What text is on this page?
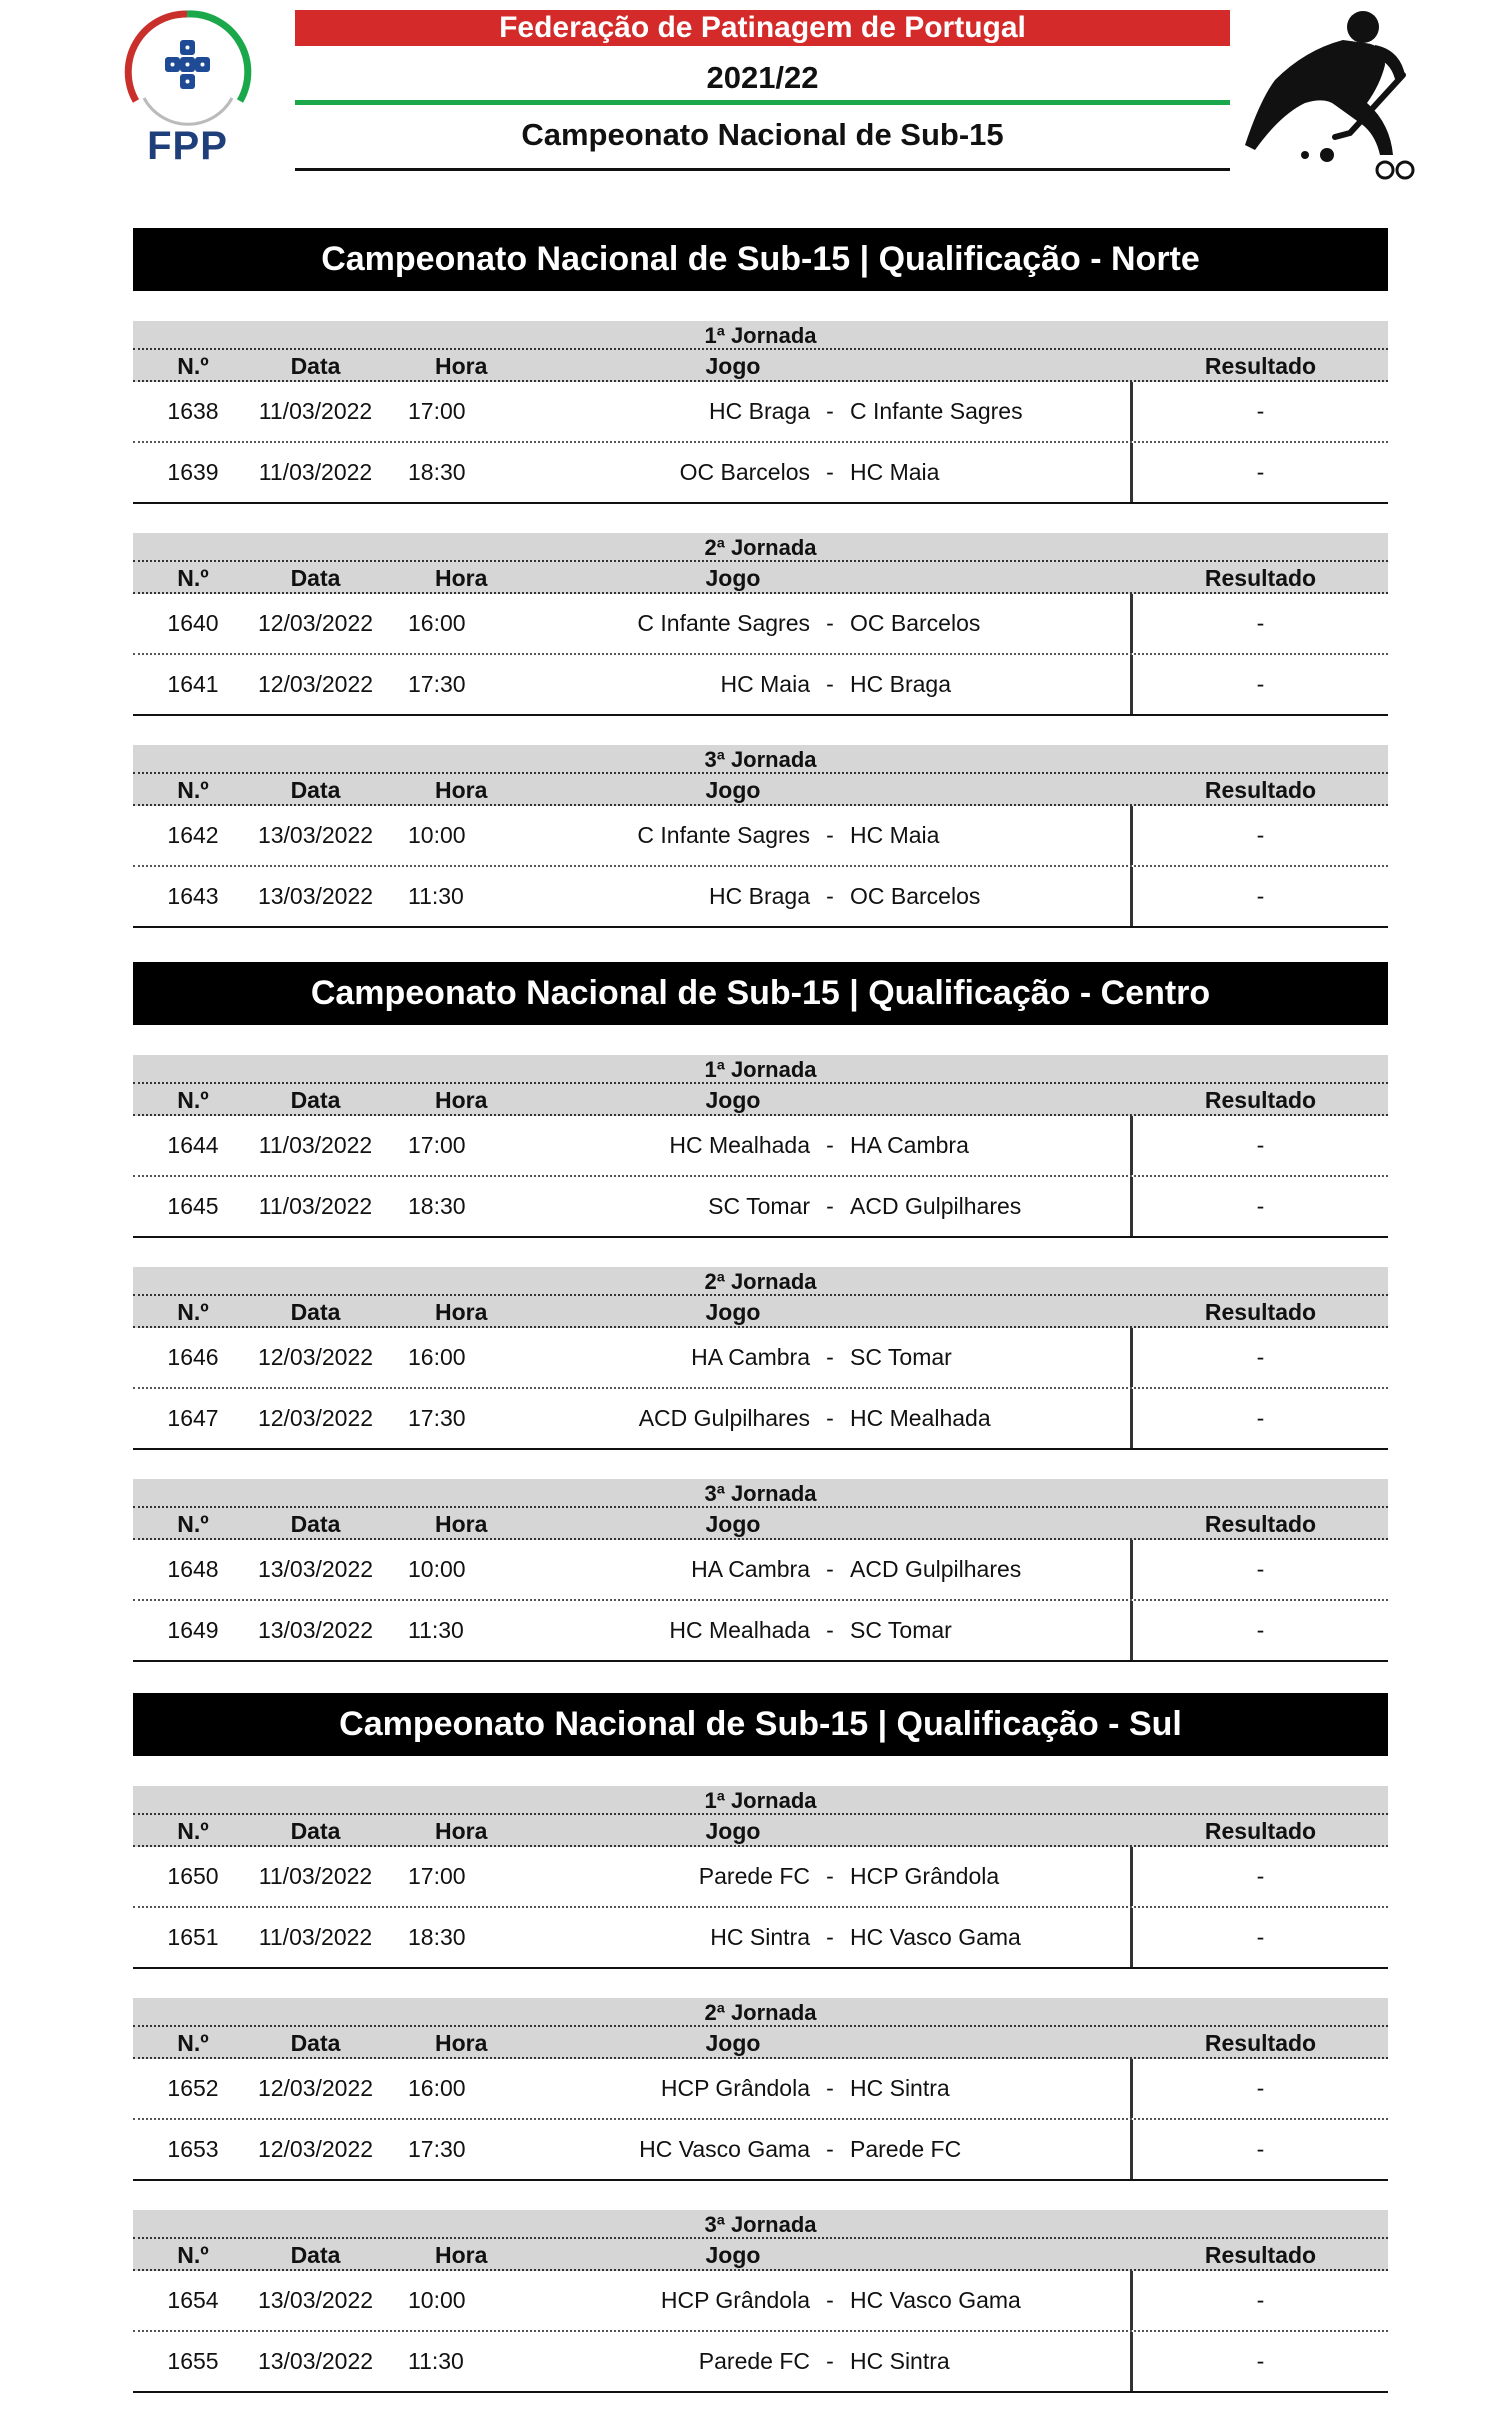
FPP
Federação de Patinagem de Portugal
2021/22
Campeonato Nacional de Sub-15
Campeonato Nacional de Sub-15 | Qualificação - Norte
1ª Jornada
N.º	Data	Hora	Jogo	Resultado
1638	11/03/2022	17:00	HC Braga - C Infante Sagres	-
1639	11/03/2022	18:30	OC Barcelos - HC Maia	-
2ª Jornada
N.º	Data	Hora	Jogo	Resultado
1640	12/03/2022	16:00	C Infante Sagres - OC Barcelos	-
1641	12/03/2022	17:30	HC Maia - HC Braga	-
3ª Jornada
N.º	Data	Hora	Jogo	Resultado
1642	13/03/2022	10:00	C Infante Sagres - HC Maia	-
1643	13/03/2022	11:30	HC Braga - OC Barcelos	-
Campeonato Nacional de Sub-15 | Qualificação - Centro
1ª Jornada
N.º	Data	Hora	Jogo	Resultado
1644	11/03/2022	17:00	HC Mealhada - HA Cambra	-
1645	11/03/2022	18:30	SC Tomar - ACD Gulpilhares	-
2ª Jornada
N.º	Data	Hora	Jogo	Resultado
1646	12/03/2022	16:00	HA Cambra - SC Tomar	-
1647	12/03/2022	17:30	ACD Gulpilhares - HC Mealhada	-
3ª Jornada
N.º	Data	Hora	Jogo	Resultado
1648	13/03/2022	10:00	HA Cambra - ACD Gulpilhares	-
1649	13/03/2022	11:30	HC Mealhada - SC Tomar	-
Campeonato Nacional de Sub-15 | Qualificação - Sul
1ª Jornada
N.º	Data	Hora	Jogo	Resultado
1650	11/03/2022	17:00	Parede FC - HCP Grândola	-
1651	11/03/2022	18:30	HC Sintra - HC Vasco Gama	-
2ª Jornada
N.º	Data	Hora	Jogo	Resultado
1652	12/03/2022	16:00	HCP Grândola - HC Sintra	-
1653	12/03/2022	17:30	HC Vasco Gama - Parede FC	-
3ª Jornada
N.º	Data	Hora	Jogo	Resultado
1654	13/03/2022	10:00	HCP Grândola - HC Vasco Gama	-
1655	13/03/2022	11:30	Parede FC - HC Sintra	-
